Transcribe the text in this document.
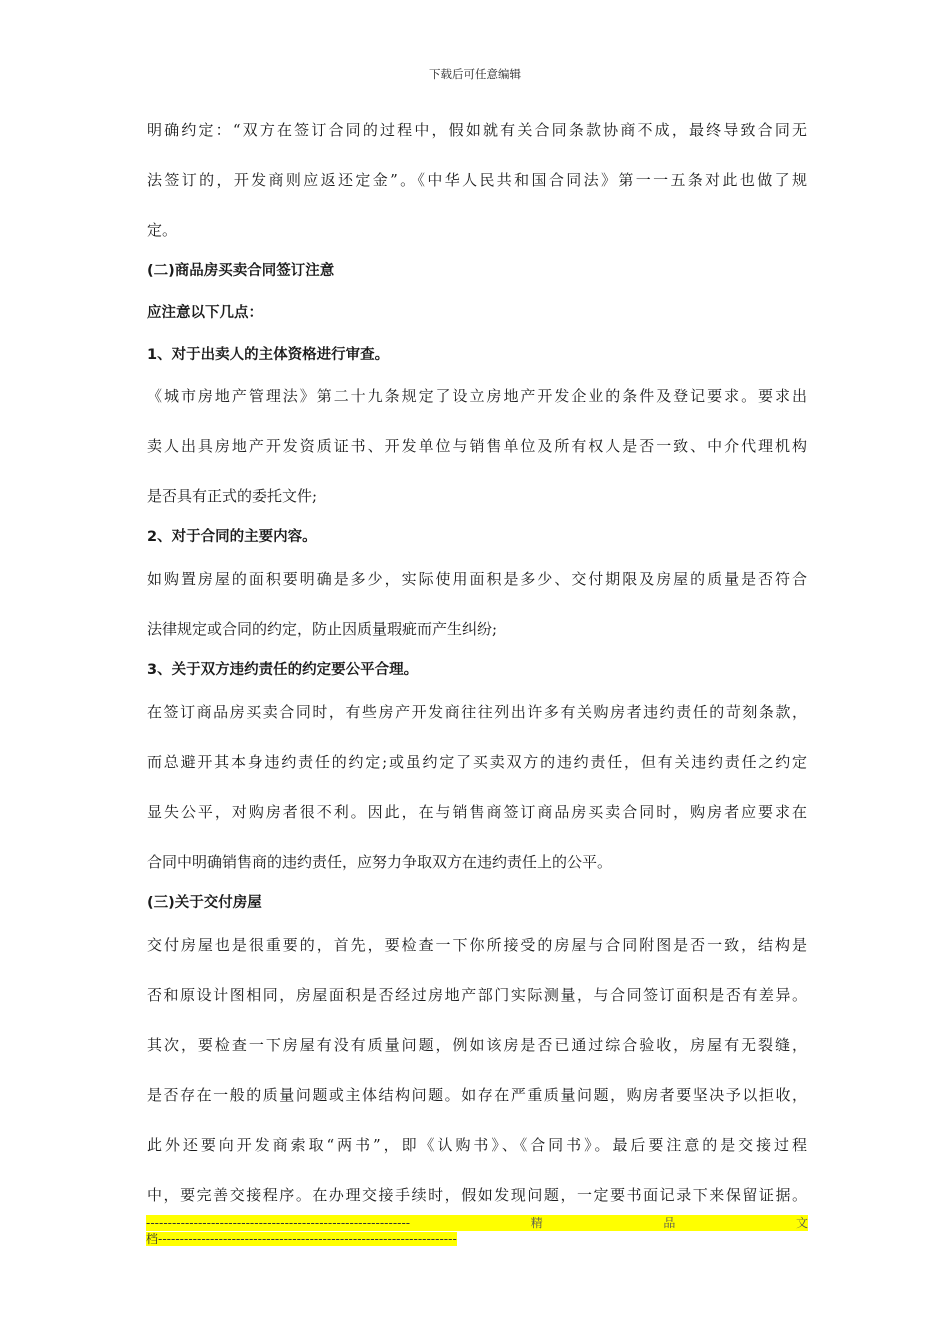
下载后可任意编辑
明确约定：“双方在签订合同的过程中，假如就有关合同条款协商不成，最终导致合同无
法签订的，开发商则应返还定金”。《中华人民共和国合同法》第一一五条对此也做了规
定。
(二)商品房买卖合同签订注意
应注意以下几点：
1、对于出卖人的主体资格进行审查。
《城市房地产管理法》第二十九条规定了设立房地产开发企业的条件及登记要求。要求出
卖人出具房地产开发资质证书、开发单位与销售单位及所有权人是否一致、中介代理机构
是否具有正式的委托文件;
2、对于合同的主要内容。
如购置房屋的面积要明确是多少，实际使用面积是多少、交付期限及房屋的质量是否符合
法律规定或合同的约定，防止因质量瑕疵而产生纠纷;
3、关于双方违约责任的约定要公平合理。
在签订商品房买卖合同时，有些房产开发商往往列出许多有关购房者违约责任的苛刻条款，
而总避开其本身违约责任的约定;或虽约定了买卖双方的违约责任，但有关违约责任之约定
显失公平，对购房者很不利。因此，在与销售商签订商品房买卖合同时，购房者应要求在
合同中明确销售商的违约责任，应努力争取双方在违约责任上的公平。
(三)关于交付房屋
交付房屋也是很重要的，首先，要检查一下你所接受的房屋与合同附图是否一致，结构是
否和原设计图相同，房屋面积是否经过房地产部门实际测量，与合同签订面积是否有差异。
其次，要检查一下房屋有没有质量问题，例如该房是否已通过综合验收，房屋有无裂缝，
是否存在一般的质量问题或主体结构问题。如存在严重质量问题，购房者要坚决予以拒收，
此外还要向开发商索取“两书”，即《认购书》、《合同书》。最后要注意的是交接过程
中，要完善交接程序。在办理交接手续时，假如发现问题，一定要书面记录下来保留证据。
-------------------------------------------------------------	精	品	文
档---------------------------------------------------------------------
